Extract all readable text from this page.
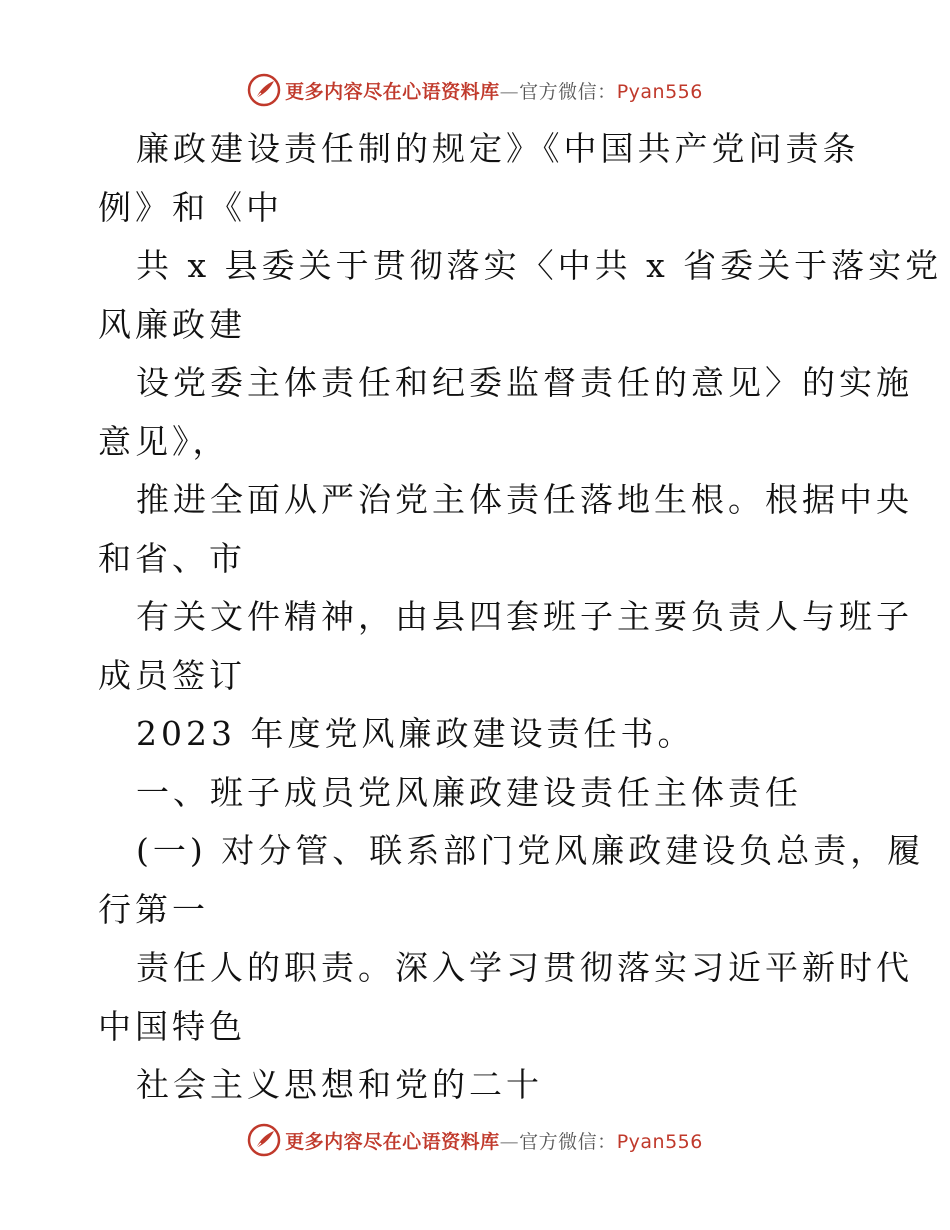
更多内容尽在心语资料库—官方微信：Pyan556
廉政建设责任制的规定》《中国共产党问责条
例》和《中
共 x 县委关于贯彻落实〈中共 x 省委关于落实党
风廉政建
设党委主体责任和纪委监督责任的意见〉的实施
意见》，
推进全面从严治党主体责任落地生根。根据中央
和省、市
有关文件精神，由县四套班子主要负责人与班子
成员签订
2023 年度党风廉政建设责任书。
一、班子成员党风廉政建设责任主体责任
(一) 对分管、联系部门党风廉政建设负总责，履
行第一
责任人的职责。深入学习贯彻落实习近平新时代
中国特色
社会主义思想和党的二十
更多内容尽在心语资料库—官方微信：Pyan556
